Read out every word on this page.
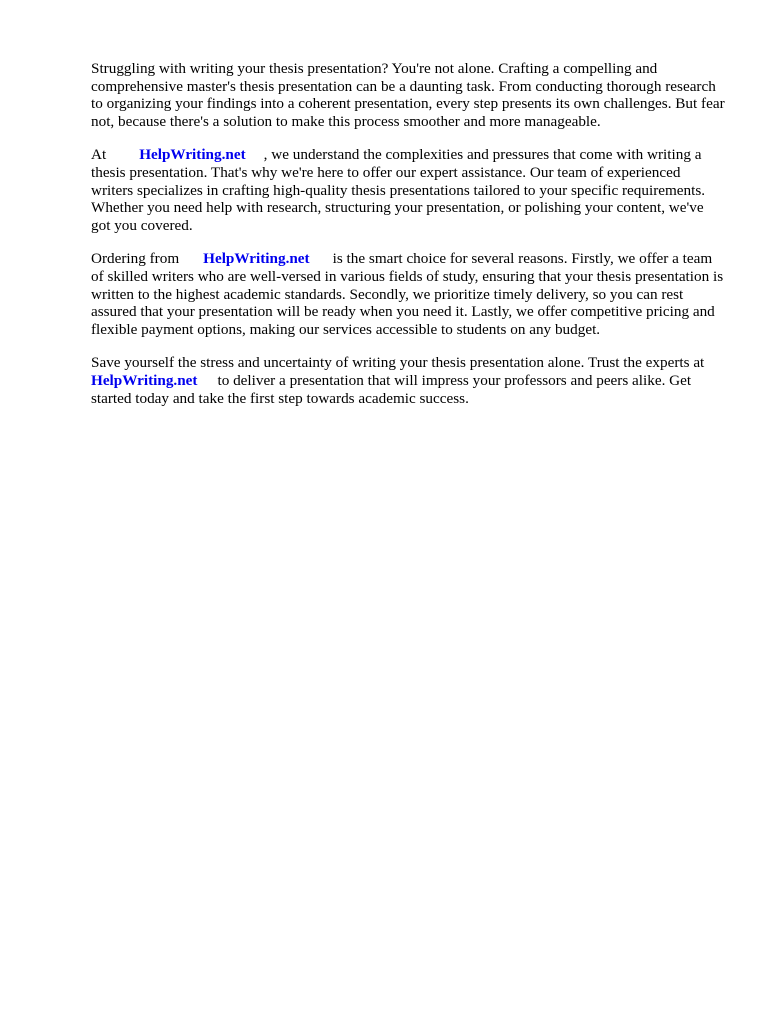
Struggling with writing your thesis presentation? You're not alone. Crafting a compelling and comprehensive master's thesis presentation can be a daunting task. From conducting thorough research to organizing your findings into a coherent presentation, every step presents its own challenges. But fear not, because there's a solution to make this process smoother and more manageable.

At HelpWriting.net , we understand the complexities and pressures that come with writing a thesis presentation. That's why we're here to offer our expert assistance. Our team of experienced writers specializes in crafting high-quality thesis presentations tailored to your specific requirements. Whether you need help with research, structuring your presentation, or polishing your content, we've got you covered.

Ordering from HelpWriting.net is the smart choice for several reasons. Firstly, we offer a team of skilled writers who are well-versed in various fields of study, ensuring that your thesis presentation is written to the highest academic standards. Secondly, we prioritize timely delivery, so you can rest assured that your presentation will be ready when you need it. Lastly, we offer competitive pricing and flexible payment options, making our services accessible to students on any budget.

Save yourself the stress and uncertainty of writing your thesis presentation alone. Trust the experts at HelpWriting.net to deliver a presentation that will impress your professors and peers alike. Get started today and take the first step towards academic success.
